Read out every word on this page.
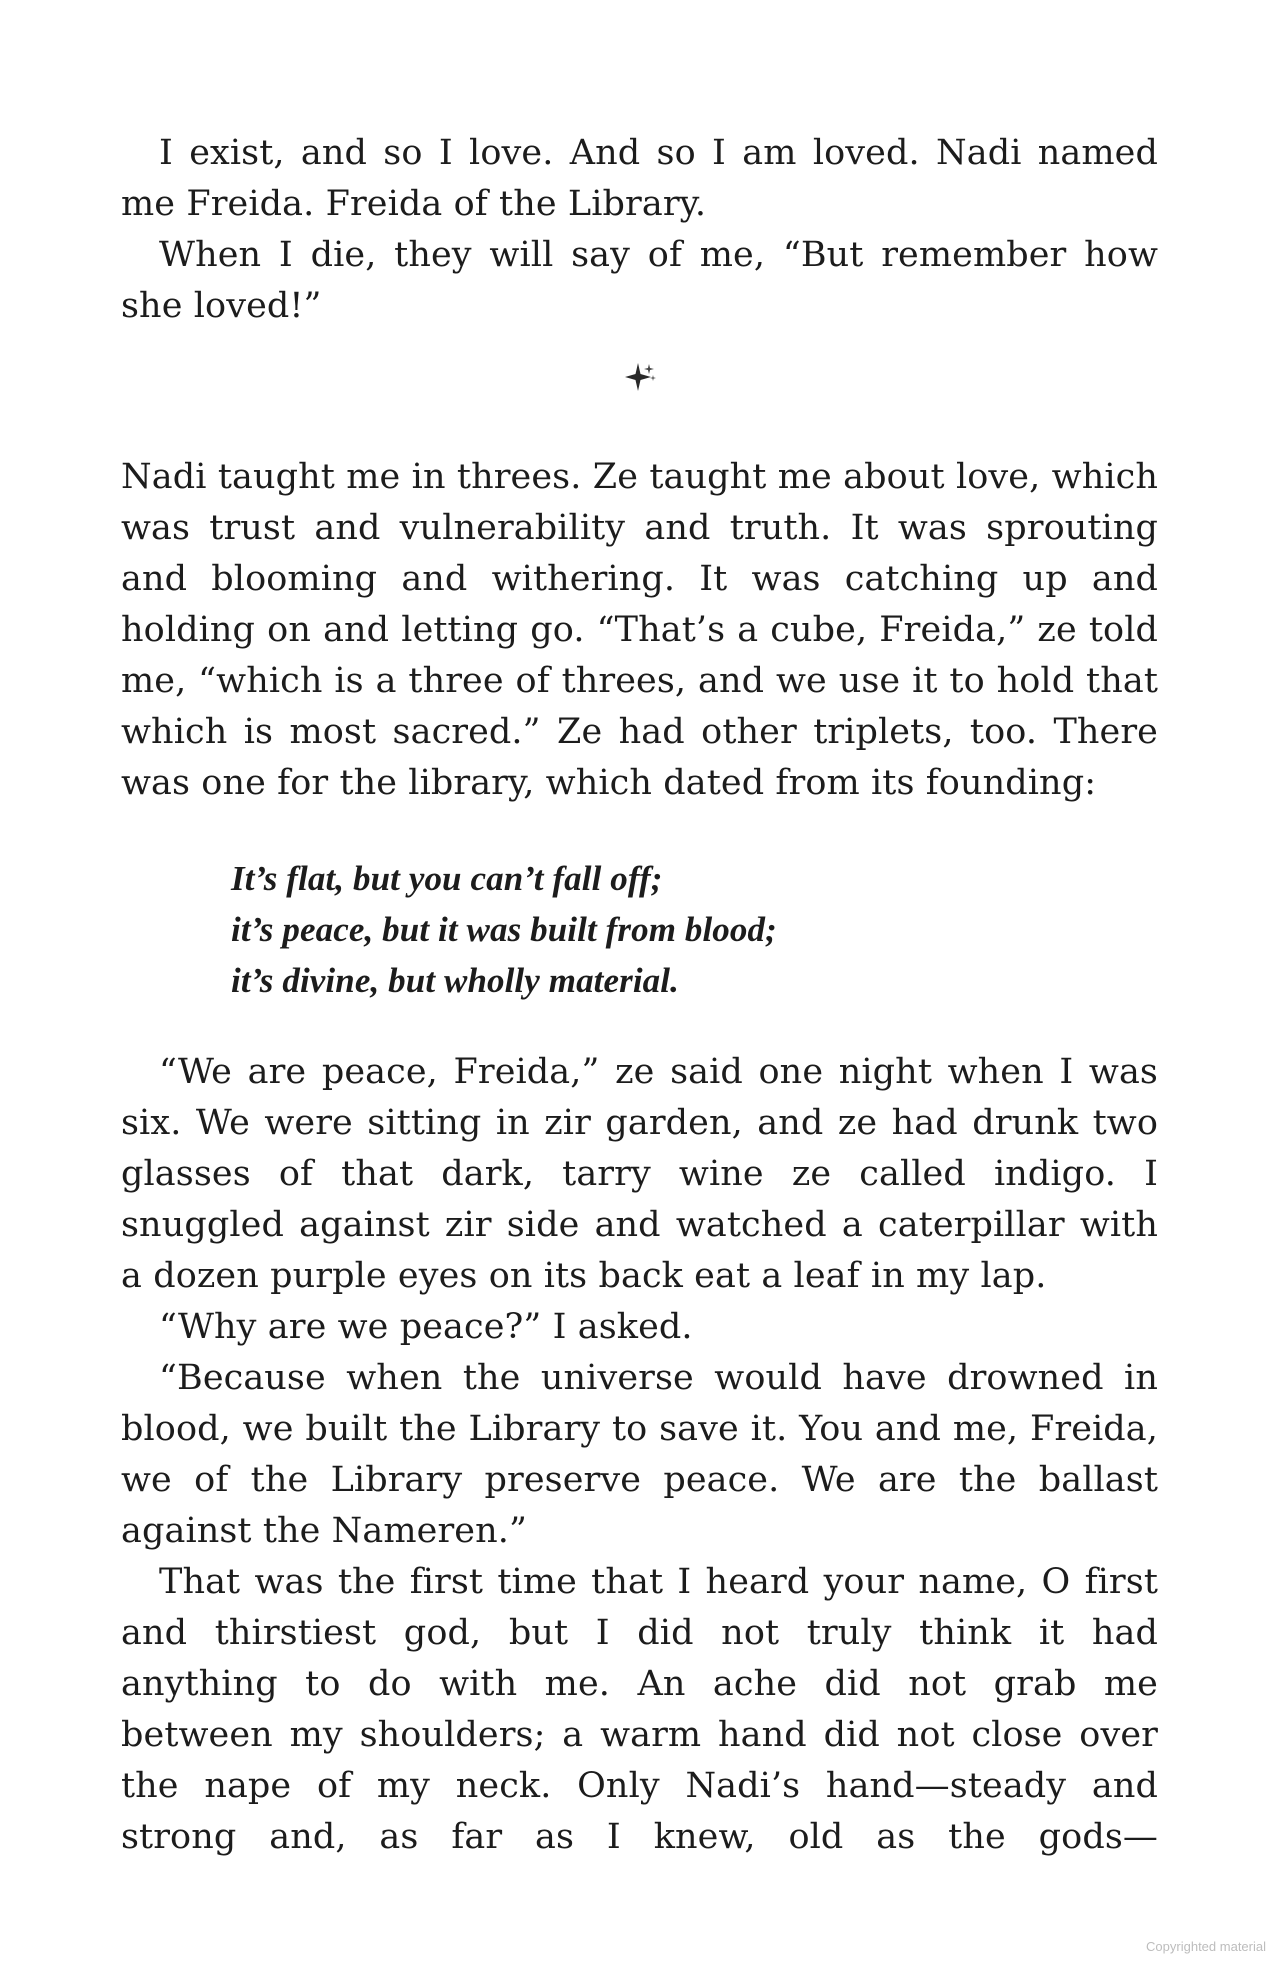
I exist, and so I love. And so I am loved. Nadi named me Freida. Freida of the Library.

When I die, they will say of me, “But remember how she loved!”

Nadi taught me in threes. Ze taught me about love, which was trust and vulnerability and truth. It was sprouting and blooming and withering. It was catching up and holding on and letting go. “That’s a cube, Freida,” ze told me, “which is a three of threes, and we use it to hold that which is most sacred.” Ze had other triplets, too. There was one for the library, which dated from its founding:

It’s flat, but you can’t fall off;
it’s peace, but it was built from blood;
it’s divine, but wholly material.

“We are peace, Freida,” ze said one night when I was six. We were sitting in zir garden, and ze had drunk two glasses of that dark, tarry wine ze called indigo. I snuggled against zir side and watched a caterpillar with a dozen purple eyes on its back eat a leaf in my lap.

“Why are we peace?” I asked.

“Because when the universe would have drowned in blood, we built the Library to save it. You and me, Freida, we of the Library preserve peace. We are the ballast against the Nameren.”

That was the first time that I heard your name, O first and thirstiest god, but I did not truly think it had anything to do with me. An ache did not grab me between my shoulders; a warm hand did not close over the nape of my neck. Only Nadi’s hand—steady and strong and, as far as I knew, old as the gods—

Copyrighted material
